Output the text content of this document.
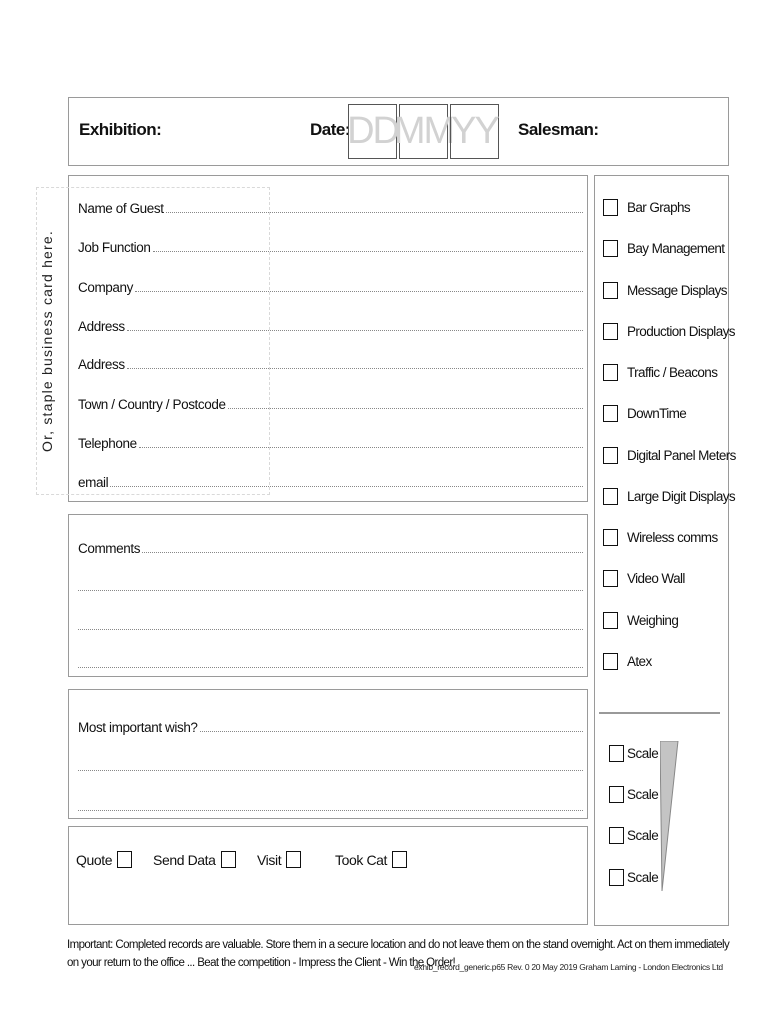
Exhibition:	Date:
DD
MM
YY Salesman:
Name of Guest
Job Function
Company
Address
Address
Town / Country / Postcode
Telephone
email
Or, staple business card here.
Comments
Most important wish?
Quote	Send Data	Visit	Took Cat
Bar Graphs
Bay Management
Message Displays
Production Displays
Traffic / Beacons
DownTime
Digital Panel Meters
Large Digit Displays
Wireless comms
Video Wall
Weighing
Atex
Scale
Scale
Scale
Scale
Important: Completed records are valuable. Store them in a secure location and do not leave them on the stand overnight. Act on them immediately on your return to the office ... Beat the competition - Impress the Client - Win the Order!
exhib_record_generic.p65 Rev. 0 20 May 2019 Graham Laming - London Electronics Ltd
